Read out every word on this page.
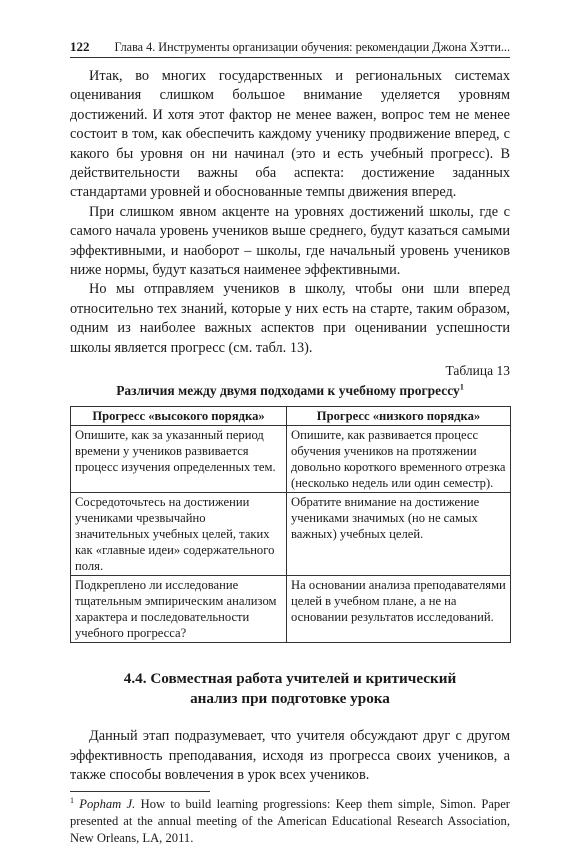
122 Глава 4. Инструменты организации обучения: рекомендации Джона Хэтти...

Итак, во многих государственных и региональных системах оценивания слишком большое внимание уделяется уровням достижений. И хотя этот фактор не менее важен, вопрос тем не менее состоит в том, как обеспечить каждому ученику продвижение вперед, с какого бы уровня он ни начинал (это и есть учебный прогресс). В действительности важны оба аспекта: достижение заданных стандартами уровней и обоснованные темпы движения вперед.

При слишком явном акценте на уровнях достижений школы, где с самого начала уровень учеников выше среднего, будут казаться самыми эффективными, и наоборот – школы, где начальный уровень учеников ниже нормы, будут казаться наименее эффективными.

Но мы отправляем учеников в школу, чтобы они шли вперед относительно тех знаний, которые у них есть на старте, таким образом, одним из наиболее важных аспектов при оценивании успешности школы является прогресс (см. табл. 13).

Таблица 13
Различия между двумя подходами к учебному прогрессу$^1$
Прогресс «высокого порядка»	Прогресс «низкого порядка»
Опишите, как за указанный период времени у учеников развивается процесс изучения определенных тем.	Опишите, как развивается процесс обучения учеников на протяжении довольно короткого временного отрезка (несколько недель или один семестр).
Сосредоточьтесь на достижении учениками чрезвычайно значительных учебных целей, таких как «главные идеи» содержательного поля.	Обратите внимание на достижение учениками значимых (но не самых важных) учебных целей.
Подкреплено ли исследование тщательным эмпирическим анализом характера и последовательности учебного прогресса?	На основании анализа преподавателями целей в учебном плане, а не на основании результатов исследований.
4.4. Совместная работа учителей и критический
анализ при подготовке урока

Данный этап подразумевает, что учителя обсуждают друг с другом эффективность преподавания, исходя из прогресса своих учеников, а также способы вовлечения в урок всех учеников.

$^1$ Popham J. How to build learning progressions: Keep them simple, Simon. Paper presented at the annual meeting of the American Educational Research Association, New Orleans, LA, 2011.
